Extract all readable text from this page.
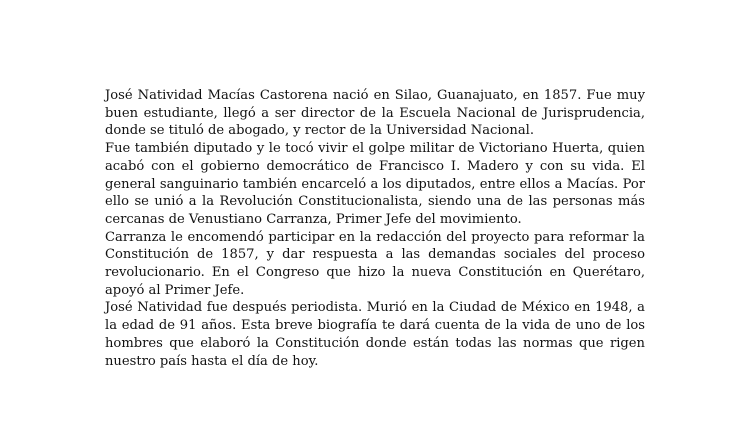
José Natividad Macías Castorena nació en Silao, Guanajuato, en 1857. Fue muy buen estudiante, llegó a ser director de la Escuela Nacional de Jurisprudencia, donde se tituló de abogado, y rector de la Universidad Nacional.

Fue también diputado y le tocó vivir el golpe militar de Victoriano Huerta, quien acabó con el gobierno democrático de Francisco I. Madero y con su vida. El general sanguinario también encarceló a los diputados, entre ellos a Macías. Por ello se unió a la Revolución Constitucionalista, siendo una de las personas más cercanas de Venustiano Carranza, Primer Jefe del movimiento.

Carranza le encomendó participar en la redacción del proyecto para reformar la Constitución de 1857, y dar respuesta a las demandas sociales del proceso revolucionario. En el Congreso que hizo la nueva Constitución en Querétaro, apoyó al Primer Jefe.

José Natividad fue después periodista. Murió en la Ciudad de México en 1948, a la edad de 91 años. Esta breve biografía te dará cuenta de la vida de uno de los hombres que elaboró la Constitución donde están todas las normas que rigen nuestro país hasta el día de hoy.
